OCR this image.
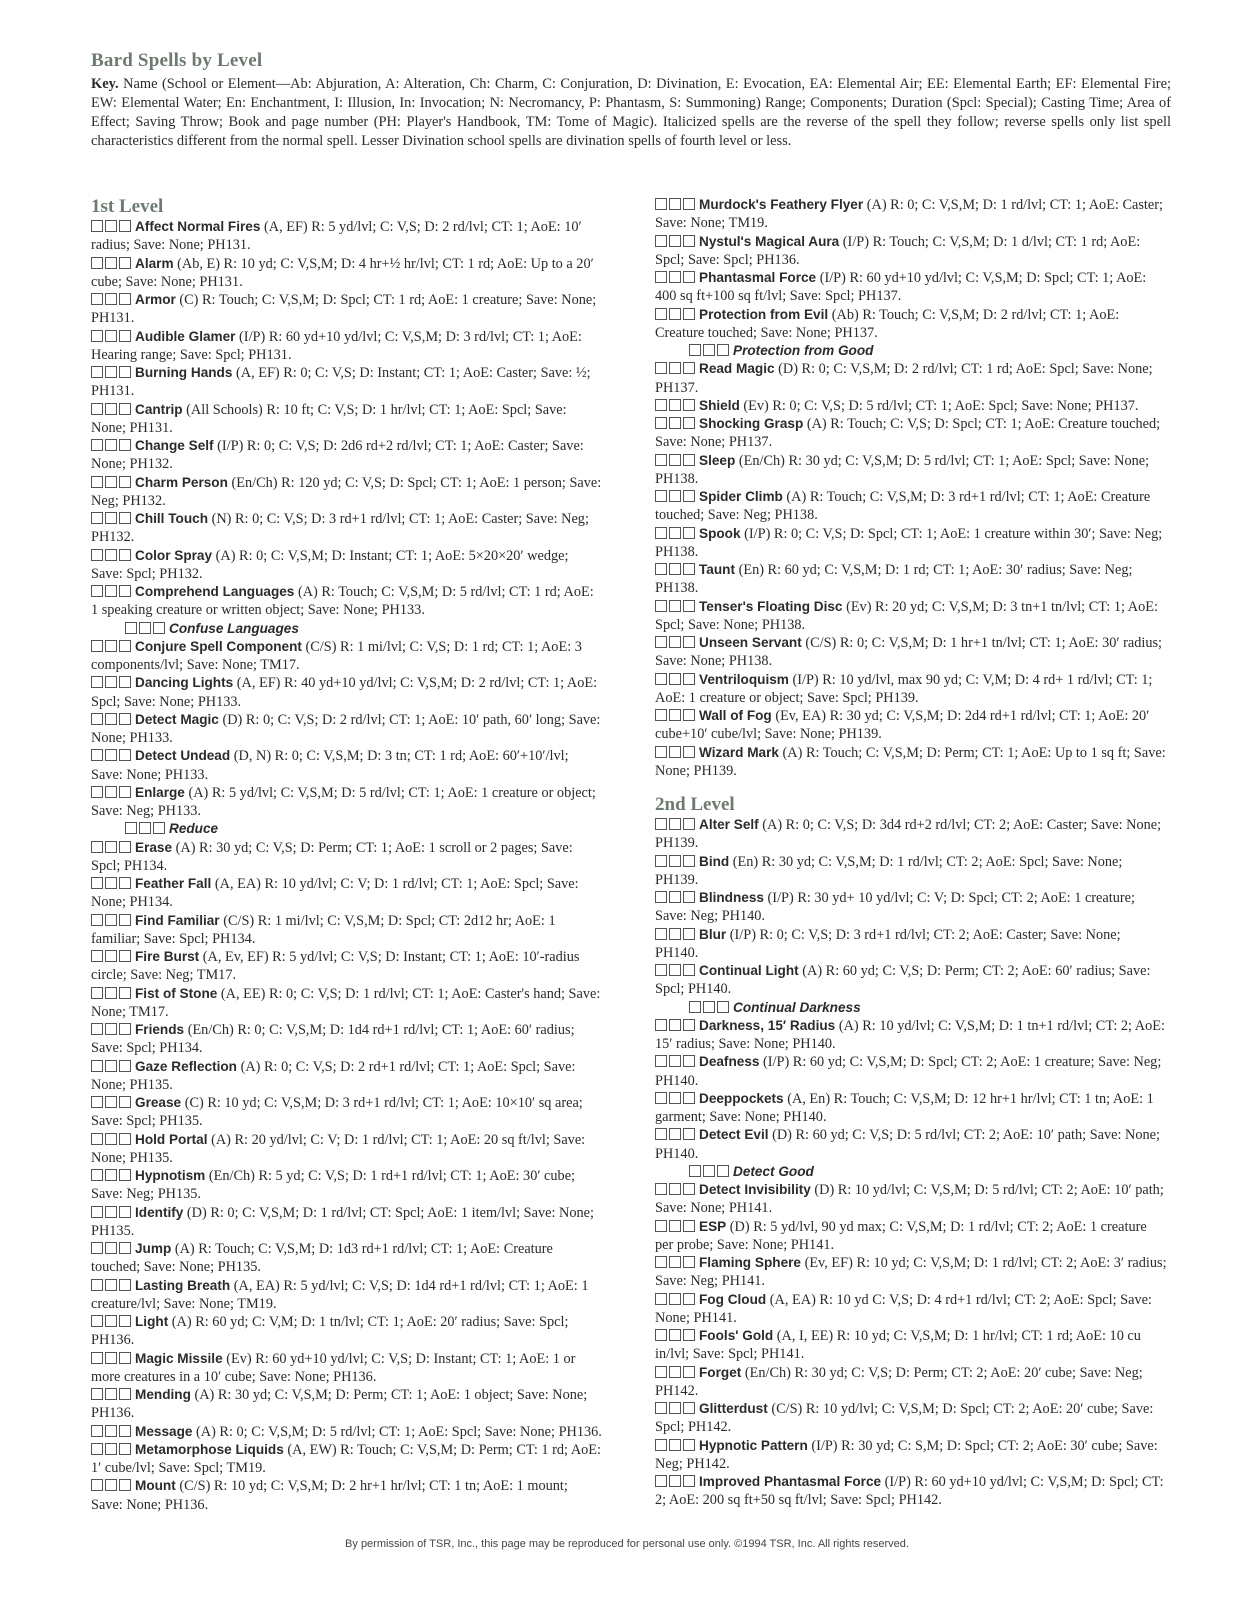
Bard Spells by Level

Key. Name (School or Element—Ab: Abjuration, A: Alteration, Ch: Charm, C: Conjuration, D: Divination, E: Evocation, EA: Elemental Air; EE: Elemental Earth; EF: Elemental Fire; EW: Elemental Water; En: Enchantment, I: Illusion, In: Invocation; N: Necromancy, P: Phantasm, S: Summoning) Range; Components; Duration (Spcl: Special); Casting Time; Area of Effect; Saving Throw; Book and page number (PH: Player's Handbook, TM: Tome of Magic). Italicized spells are the reverse of the spell they follow; reverse spells only list spell characteristics different from the normal spell. Lesser Divination school spells are divination spells of fourth level or less.

1st Level

Affect Normal Fires (A, EF) R: 5 yd/lvl; C: V,S; D: 2 rd/lvl; CT: 1; AoE: 10′ radius; Save: None; PH131.

Alarm (Ab, E) R: 10 yd; C: V,S,M; D: 4 hr+½ hr/lvl; CT: 1 rd; AoE: Up to a 20′ cube; Save: None; PH131.

Armor (C) R: Touch; C: V,S,M; D: Spcl; CT: 1 rd; AoE: 1 creature; Save: None; PH131.

Audible Glamer (I/P) R: 60 yd+10 yd/lvl; C: V,S,M; D: 3 rd/lvl; CT: 1; AoE: Hearing range; Save: Spcl; PH131.

Burning Hands (A, EF) R: 0; C: V,S; D: Instant; CT: 1; AoE: Caster; Save: ½; PH131.

Cantrip (All Schools) R: 10 ft; C: V,S; D: 1 hr/lvl; CT: 1; AoE: Spcl; Save: None; PH131.

Change Self (I/P) R: 0; C: V,S; D: 2d6 rd+2 rd/lvl; CT: 1; AoE: Caster; Save: None; PH132.

Charm Person (En/Ch) R: 120 yd; C: V,S; D: Spcl; CT: 1; AoE: 1 person; Save: Neg; PH132.

Chill Touch (N) R: 0; C: V,S; D: 3 rd+1 rd/lvl; CT: 1; AoE: Caster; Save: Neg; PH132.

Color Spray (A) R: 0; C: V,S,M; D: Instant; CT: 1; AoE: 5×20×20′ wedge; Save: Spcl; PH132.

Comprehend Languages (A) R: Touch; C: V,S,M; D: 5 rd/lvl; CT: 1 rd; AoE: 1 speaking creature or written object; Save: None; PH133.

Confuse Languages

Conjure Spell Component (C/S) R: 1 mi/lvl; C: V,S; D: 1 rd; CT: 1; AoE: 3 components/lvl; Save: None; TM17.

Dancing Lights (A, EF) R: 40 yd+10 yd/lvl; C: V,S,M; D: 2 rd/lvl; CT: 1; AoE: Spcl; Save: None; PH133.

Detect Magic (D) R: 0; C: V,S; D: 2 rd/lvl; CT: 1; AoE: 10′ path, 60′ long; Save: None; PH133.

Detect Undead (D, N) R: 0; C: V,S,M; D: 3 tn; CT: 1 rd; AoE: 60′+10′/lvl; Save: None; PH133.

Enlarge (A) R: 5 yd/lvl; C: V,S,M; D: 5 rd/lvl; CT: 1; AoE: 1 creature or object; Save: Neg; PH133.

Reduce

Erase (A) R: 30 yd; C: V,S; D: Perm; CT: 1; AoE: 1 scroll or 2 pages; Save: Spcl; PH134.

Feather Fall (A, EA) R: 10 yd/lvl; C: V; D: 1 rd/lvl; CT: 1; AoE: Spcl; Save: None; PH134.

Find Familiar (C/S) R: 1 mi/lvl; C: V,S,M; D: Spcl; CT: 2d12 hr; AoE: 1 familiar; Save: Spcl; PH134.

Fire Burst (A, Ev, EF) R: 5 yd/lvl; C: V,S; D: Instant; CT: 1; AoE: 10′-radius circle; Save: Neg; TM17.

Fist of Stone (A, EE) R: 0; C: V,S; D: 1 rd/lvl; CT: 1; AoE: Caster's hand; Save: None; TM17.

Friends (En/Ch) R: 0; C: V,S,M; D: 1d4 rd+1 rd/lvl; CT: 1; AoE: 60′ radius; Save: Spcl; PH134.

Gaze Reflection (A) R: 0; C: V,S; D: 2 rd+1 rd/lvl; CT: 1; AoE: Spcl; Save: None; PH135.

Grease (C) R: 10 yd; C: V,S,M; D: 3 rd+1 rd/lvl; CT: 1; AoE: 10×10′ sq area; Save: Spcl; PH135.

Hold Portal (A) R: 20 yd/lvl; C: V; D: 1 rd/lvl; CT: 1; AoE: 20 sq ft/lvl; Save: None; PH135.

Hypnotism (En/Ch) R: 5 yd; C: V,S; D: 1 rd+1 rd/lvl; CT: 1; AoE: 30′ cube; Save: Neg; PH135.

Identify (D) R: 0; C: V,S,M; D: 1 rd/lvl; CT: Spcl; AoE: 1 item/lvl; Save: None; PH135.

Jump (A) R: Touch; C: V,S,M; D: 1d3 rd+1 rd/lvl; CT: 1; AoE: Creature touched; Save: None; PH135.

Lasting Breath (A, EA) R: 5 yd/lvl; C: V,S; D: 1d4 rd+1 rd/lvl; CT: 1; AoE: 1 creature/lvl; Save: None; TM19.

Light (A) R: 60 yd; C: V,M; D: 1 tn/lvl; CT: 1; AoE: 20′ radius; Save: Spcl; PH136.

Magic Missile (Ev) R: 60 yd+10 yd/lvl; C: V,S; D: Instant; CT: 1; AoE: 1 or more creatures in a 10′ cube; Save: None; PH136.

Mending (A) R: 30 yd; C: V,S,M; D: Perm; CT: 1; AoE: 1 object; Save: None; PH136.

Message (A) R: 0; C: V,S,M; D: 5 rd/lvl; CT: 1; AoE: Spcl; Save: None; PH136.

Metamorphose Liquids (A, EW) R: Touch; C: V,S,M; D: Perm; CT: 1 rd; AoE: 1′ cube/lvl; Save: Spcl; TM19.

Mount (C/S) R: 10 yd; C: V,S,M; D: 2 hr+1 hr/lvl; CT: 1 tn; AoE: 1 mount; Save: None; PH136.

Murdock's Feathery Flyer (A) R: 0; C: V,S,M; D: 1 rd/lvl; CT: 1; AoE: Caster; Save: None; TM19.

Nystul's Magical Aura (I/P) R: Touch; C: V,S,M; D: 1 d/lvl; CT: 1 rd; AoE: Spcl; Save: Spcl; PH136.

Phantasmal Force (I/P) R: 60 yd+10 yd/lvl; C: V,S,M; D: Spcl; CT: 1; AoE: 400 sq ft+100 sq ft/lvl; Save: Spcl; PH137.

Protection from Evil (Ab) R: Touch; C: V,S,M; D: 2 rd/lvl; CT: 1; AoE: Creature touched; Save: None; PH137.

Protection from Good

Read Magic (D) R: 0; C: V,S,M; D: 2 rd/lvl; CT: 1 rd; AoE: Spcl; Save: None; PH137.

Shield (Ev) R: 0; C: V,S; D: 5 rd/lvl; CT: 1; AoE: Spcl; Save: None; PH137.

Shocking Grasp (A) R: Touch; C: V,S; D: Spcl; CT: 1; AoE: Creature touched; Save: None; PH137.

Sleep (En/Ch) R: 30 yd; C: V,S,M; D: 5 rd/lvl; CT: 1; AoE: Spcl; Save: None; PH138.

Spider Climb (A) R: Touch; C: V,S,M; D: 3 rd+1 rd/lvl; CT: 1; AoE: Creature touched; Save: Neg; PH138.

Spook (I/P) R: 0; C: V,S; D: Spcl; CT: 1; AoE: 1 creature within 30′; Save: Neg; PH138.

Taunt (En) R: 60 yd; C: V,S,M; D: 1 rd; CT: 1; AoE: 30′ radius; Save: Neg; PH138.

Tenser's Floating Disc (Ev) R: 20 yd; C: V,S,M; D: 3 tn+1 tn/lvl; CT: 1; AoE: Spcl; Save: None; PH138.

Unseen Servant (C/S) R: 0; C: V,S,M; D: 1 hr+1 tn/lvl; CT: 1; AoE: 30′ radius; Save: None; PH138.

Ventriloquism (I/P) R: 10 yd/lvl, max 90 yd; C: V,M; D: 4 rd+ 1 rd/lvl; CT: 1; AoE: 1 creature or object; Save: Spcl; PH139.

Wall of Fog (Ev, EA) R: 30 yd; C: V,S,M; D: 2d4 rd+1 rd/lvl; CT: 1; AoE: 20′ cube+10′ cube/lvl; Save: None; PH139.

Wizard Mark (A) R: Touch; C: V,S,M; D: Perm; CT: 1; AoE: Up to 1 sq ft; Save: None; PH139.

2nd Level

Alter Self (A) R: 0; C: V,S; D: 3d4 rd+2 rd/lvl; CT: 2; AoE: Caster; Save: None; PH139.

Bind (En) R: 30 yd; C: V,S,M; D: 1 rd/lvl; CT: 2; AoE: Spcl; Save: None; PH139.

Blindness (I/P) R: 30 yd+ 10 yd/lvl; C: V; D: Spcl; CT: 2; AoE: 1 creature; Save: Neg; PH140.

Blur (I/P) R: 0; C: V,S; D: 3 rd+1 rd/lvl; CT: 2; AoE: Caster; Save: None; PH140.

Continual Light (A) R: 60 yd; C: V,S; D: Perm; CT: 2; AoE: 60′ radius; Save: Spcl; PH140.

Continual Darkness

Darkness, 15′ Radius (A) R: 10 yd/lvl; C: V,S,M; D: 1 tn+1 rd/lvl; CT: 2; AoE: 15′ radius; Save: None; PH140.

Deafness (I/P) R: 60 yd; C: V,S,M; D: Spcl; CT: 2; AoE: 1 creature; Save: Neg; PH140.

Deeppockets (A, En) R: Touch; C: V,S,M; D: 12 hr+1 hr/lvl; CT: 1 tn; AoE: 1 garment; Save: None; PH140.

Detect Evil (D) R: 60 yd; C: V,S; D: 5 rd/lvl; CT: 2; AoE: 10′ path; Save: None; PH140.

Detect Good

Detect Invisibility (D) R: 10 yd/lvl; C: V,S,M; D: 5 rd/lvl; CT: 2; AoE: 10′ path; Save: None; PH141.

ESP (D) R: 5 yd/lvl, 90 yd max; C: V,S,M; D: 1 rd/lvl; CT: 2; AoE: 1 creature per probe; Save: None; PH141.

Flaming Sphere (Ev, EF) R: 10 yd; C: V,S,M; D: 1 rd/lvl; CT: 2; AoE: 3′ radius; Save: Neg; PH141.

Fog Cloud (A, EA) R: 10 yd C: V,S; D: 4 rd+1 rd/lvl; CT: 2; AoE: Spcl; Save: None; PH141.

Fools' Gold (A, I, EE) R: 10 yd; C: V,S,M; D: 1 hr/lvl; CT: 1 rd; AoE: 10 cu in/lvl; Save: Spcl; PH141.

Forget (En/Ch) R: 30 yd; C: V,S; D: Perm; CT: 2; AoE: 20′ cube; Save: Neg; PH142.

Glitterdust (C/S) R: 10 yd/lvl; C: V,S,M; D: Spcl; CT: 2; AoE: 20′ cube; Save: Spcl; PH142.

Hypnotic Pattern (I/P) R: 30 yd; C: S,M; D: Spcl; CT: 2; AoE: 30′ cube; Save: Neg; PH142.

Improved Phantasmal Force (I/P) R: 60 yd+10 yd/lvl; C: V,S,M; D: Spcl; CT: 2; AoE: 200 sq ft+50 sq ft/lvl; Save: Spcl; PH142.

By permission of TSR, Inc., this page may be reproduced for personal use only. ©1994 TSR, Inc. All rights reserved.
